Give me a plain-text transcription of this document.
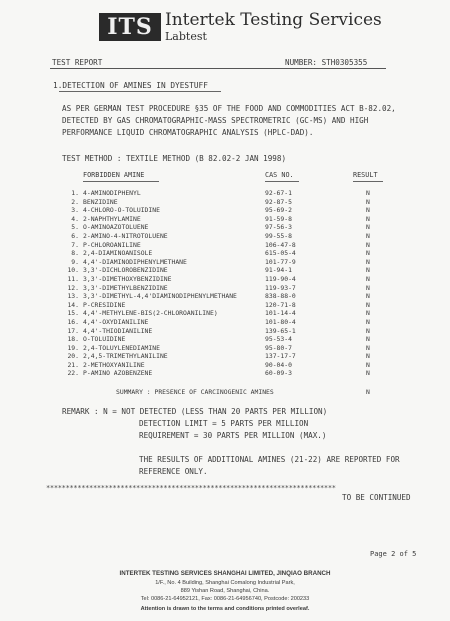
ITS Intertek Testing Services
Labtest
TEST REPORT	NUMBER: STH0305355
1.DETECTION OF AMINES IN DYESTUFF
AS PER GERMAN TEST PROCEDURE §35 OF THE FOOD AND COMMODITIES ACT B-82.02,
DETECTED BY GAS CHROMATOGRAPHIC-MASS SPECTROMETRIC (GC-MS) AND HIGH
PERFORMANCE LIQUID CHROMATOGRAPHIC ANALYSIS (HPLC-DAD).
TEST METHOD : TEXTILE METHOD (B 82.02-2 JAN 1998)
FORBIDDEN AMINE	CAS NO.	RESULT
1. 4-AMINODIPHENYL	92-67-1	N
2. BENZIDINE	92-87-5	N
3. 4-CHLORO-O-TOLUIDINE	95-69-2	N
4. 2-NAPHTHYLAMINE	91-59-8	N
5. O-AMINOAZOTOLUENE	97-56-3	N
6. 2-AMINO-4-NITROTOLUENE	99-55-8	N
7. P-CHLOROANILINE	106-47-8	N
8. 2,4-DIAMINOANISOLE	615-05-4	N
9. 4,4'-DIAMINODIPHENYLMETHANE	101-77-9	N
10. 3,3'-DICHLOROBENZIDINE	91-94-1	N
11. 3,3'-DIMETHOXYBENZIDINE	119-90-4	N
12. 3,3'-DIMETHYLBENZIDINE	119-93-7	N
13. 3,3'-DIMETHYL-4,4'DIAMINODIPHENYLMETHANE	838-88-0	N
14. P-CRESIDINE	120-71-8	N
15. 4,4'-METHYLENE-BIS(2-CHLOROANILINE)	101-14-4	N
16. 4,4'-OXYDIANILINE	101-80-4	N
17. 4,4'-THIODIANILINE	139-65-1	N
18. O-TOLUIDINE	95-53-4	N
19. 2,4-TOLUYLENEDIAMINE	95-80-7	N
20. 2,4,5-TRIMETHYLANILINE	137-17-7	N
21. 2-METHOXYANILINE	90-04-0	N
22. P-AMINO AZOBENZENE	60-09-3	N
SUMMARY : PRESENCE OF CARCINOGENIC AMINES	N
REMARK : N = NOT DETECTED (LESS THAN 20 PARTS PER MILLION)
DETECTION LIMIT = 5 PARTS PER MILLION
REQUIREMENT = 30 PARTS PER MILLION (MAX.)
THE RESULTS OF ADDITIONAL AMINES (21-22) ARE REPORTED FOR
REFERENCE ONLY.
**************************************************************************
TO BE CONTINUED
Page 2 of 5
INTERTEK TESTING SERVICES SHANGHAI LIMITED, JINQIAO BRANCH
1/F., No. 4 Building, Shanghai Comalong Industrial Park,
889 Yishan Road, Shanghai, China.
Tel: 0086-21-64952121, Fax: 0086-21-64956740, Postcode: 200233
Attention is drawn to the terms and conditions printed overleaf.
